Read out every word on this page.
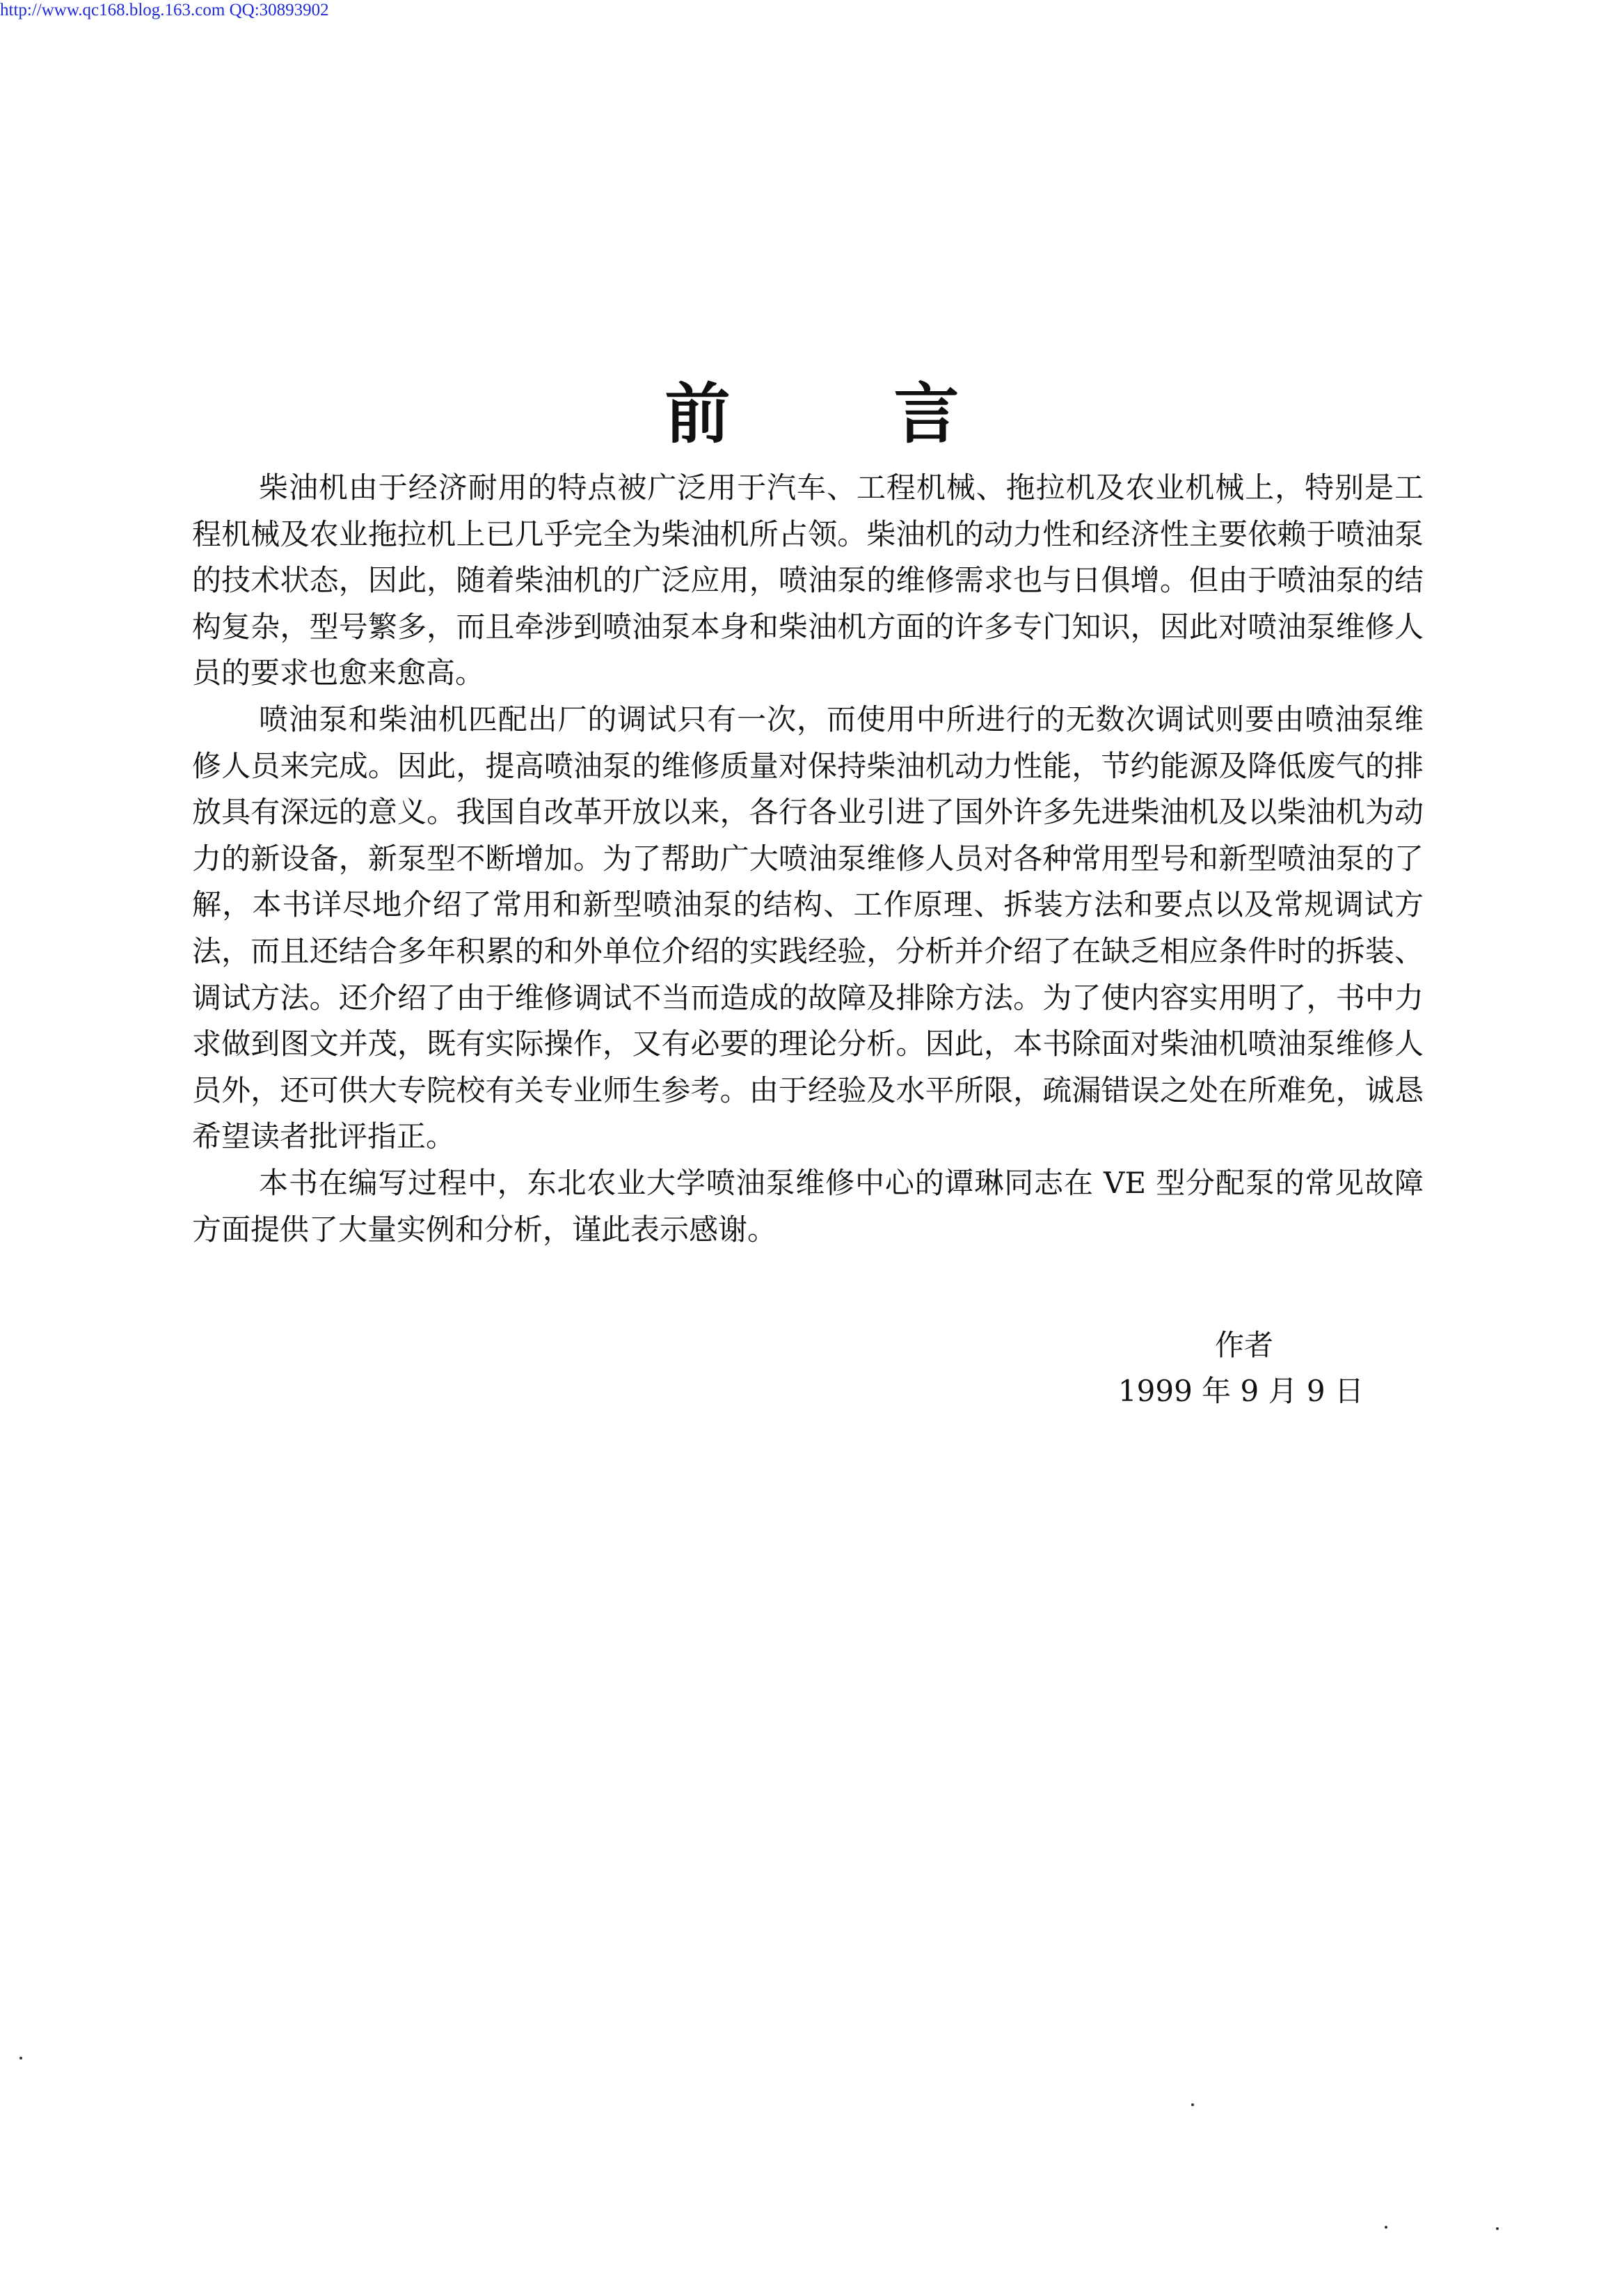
http://www.qc168.blog.163.com QQ:30893902
前言

柴油机由于经济耐用的特点被广泛用于汽车、工程机械、拖拉机及农业机械上，特别是工程机械及农业拖拉机上已几乎完全为柴油机所占领。柴油机的动力性和经济性主要依赖于喷油泵的技术状态，因此，随着柴油机的广泛应用，喷油泵的维修需求也与日俱增。但由于喷油泵的结构复杂，型号繁多，而且牵涉到喷油泵本身和柴油机方面的许多专门知识，因此对喷油泵维修人员的要求也愈来愈高。

喷油泵和柴油机匹配出厂的调试只有一次，而使用中所进行的无数次调试则要由喷油泵维修人员来完成。因此，提高喷油泵的维修质量对保持柴油机动力性能，节约能源及降低废气的排放具有深远的意义。我国自改革开放以来，各行各业引进了国外许多先进柴油机及以柴油机为动力的新设备，新泵型不断增加。为了帮助广大喷油泵维修人员对各种常用型号和新型喷油泵的了解，本书详尽地介绍了常用和新型喷油泵的结构、工作原理、拆装方法和要点以及常规调试方法，而且还结合多年积累的和外单位介绍的实践经验，分析并介绍了在缺乏相应条件时的拆装、调试方法。还介绍了由于维修调试不当而造成的故障及排除方法。为了使内容实用明了，书中力求做到图文并茂，既有实际操作，又有必要的理论分析。因此，本书除面对柴油机喷油泵维修人员外，还可供大专院校有关专业师生参考。由于经验及水平所限，疏漏错误之处在所难免，诚恳希望读者批评指正。

本书在编写过程中，东北农业大学喷油泵维修中心的谭琳同志在 VE 型分配泵的常见故障方面提供了大量实例和分析，谨此表示感谢。

作者
1999 年 9 月 9 日
